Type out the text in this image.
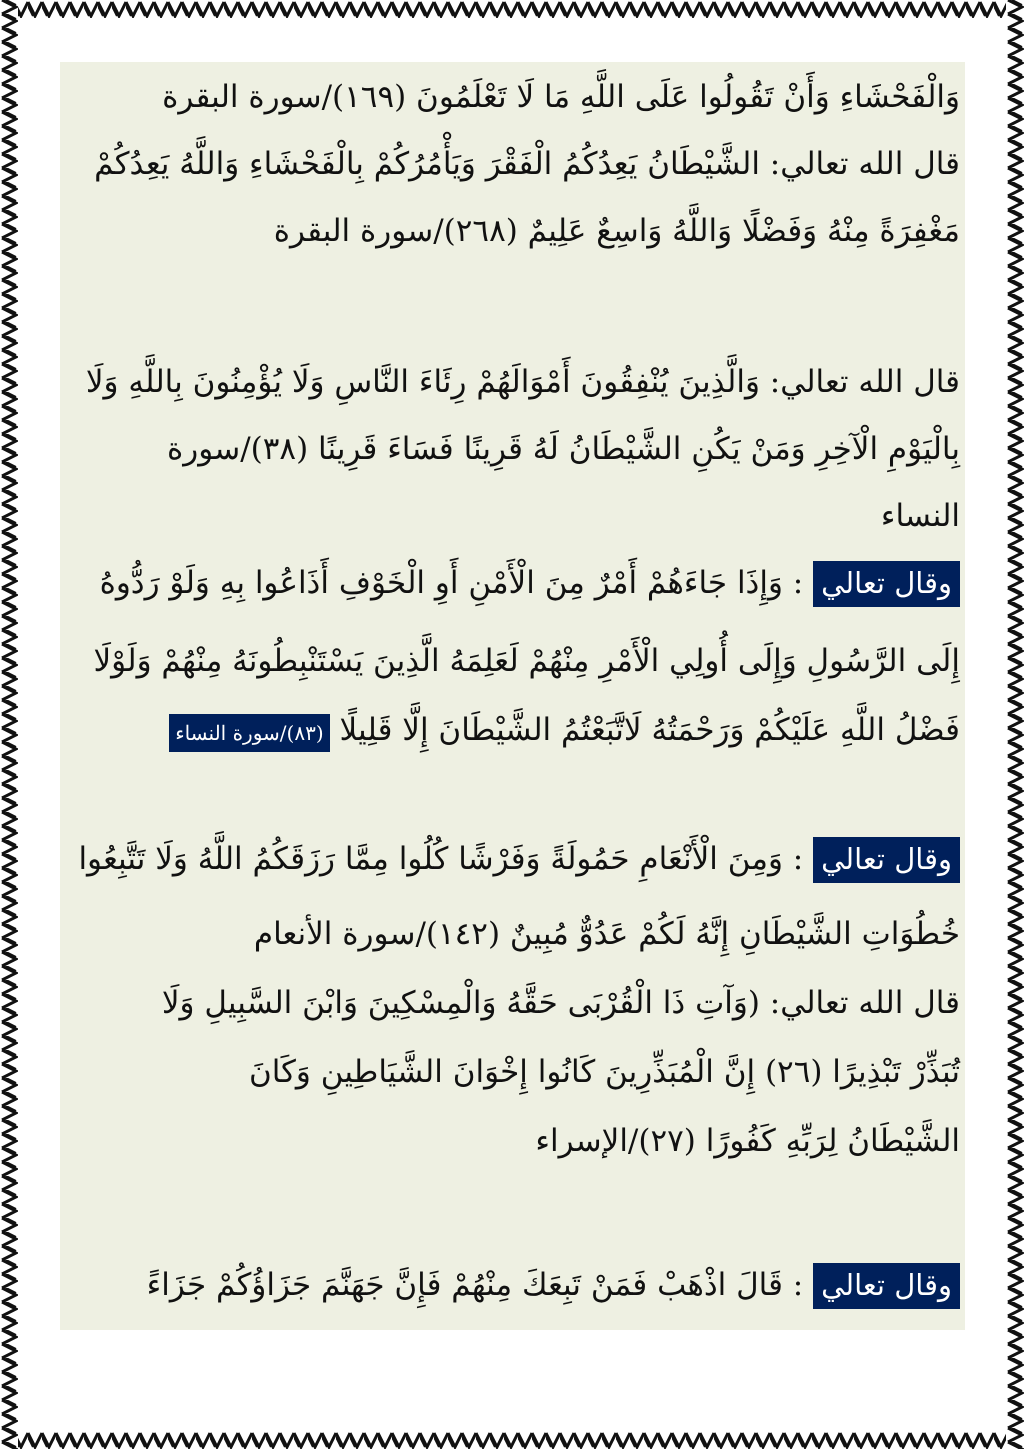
وَالْفَحْشَاءِ وَأَنْ تَقُولُوا عَلَى اللَّهِ مَا لَا تَعْلَمُونَ (١٦٩)/سورة البقرة
قال الله تعالي: الشَّيْطَانُ يَعِدُكُمُ الْفَقْرَ وَيَأْمُرُكُمْ بِالْفَحْشَاءِ وَاللَّهُ يَعِدُكُمْ
مَغْفِرَةً مِنْهُ وَفَضْلًا وَاللَّهُ وَاسِعٌ عَلِيمٌ (٢٦٨)/سورة البقرة
قال الله تعالي: وَالَّذِينَ يُنْفِقُونَ أَمْوَالَهُمْ رِئَاءَ النَّاسِ وَلَا يُؤْمِنُونَ بِاللَّهِ وَلَا
بِالْيَوْمِ الْآخِرِ وَمَنْ يَكُنِ الشَّيْطَانُ لَهُ قَرِينًا فَسَاءَ قَرِينًا (٣٨)/سورة
النساء
وقال تعالي : وَإِذَا جَاءَهُمْ أَمْرٌ مِنَ الْأَمْنِ أَوِ الْخَوْفِ أَذَاعُوا بِهِ وَلَوْ رَدُّوهُ
إِلَى الرَّسُولِ وَإِلَى أُولِي الْأَمْرِ مِنْهُمْ لَعَلِمَهُ الَّذِينَ يَسْتَنْبِطُونَهُ مِنْهُمْ وَلَوْلَا
فَضْلُ اللَّهِ عَلَيْكُمْ وَرَحْمَتُهُ لَاتَّبَعْتُمُ الشَّيْطَانَ إِلَّا قَلِيلًا (٨٣)/سورة النساء
وقال تعالي : وَمِنَ الْأَنْعَامِ حَمُولَةً وَفَرْشًا كُلُوا مِمَّا رَزَقَكُمُ اللَّهُ وَلَا تَتَّبِعُوا
خُطُوَاتِ الشَّيْطَانِ إِنَّهُ لَكُمْ عَدُوٌّ مُبِينٌ (١٤٢)/سورة الأنعام
قال الله تعالي: (وَآتِ ذَا الْقُرْبَى حَقَّهُ وَالْمِسْكِينَ وَابْنَ السَّبِيلِ وَلَا
تُبَذِّرْ تَبْذِيرًا (٢٦) إِنَّ الْمُبَذِّرِينَ كَانُوا إِخْوَانَ الشَّيَاطِينِ وَكَانَ
الشَّيْطَانُ لِرَبِّهِ كَفُورًا (٢٧)/الإسراء
وقال تعالي : قَالَ اذْهَبْ فَمَنْ تَبِعَكَ مِنْهُمْ فَإِنَّ جَهَنَّمَ جَزَاؤُكُمْ جَزَاءً
